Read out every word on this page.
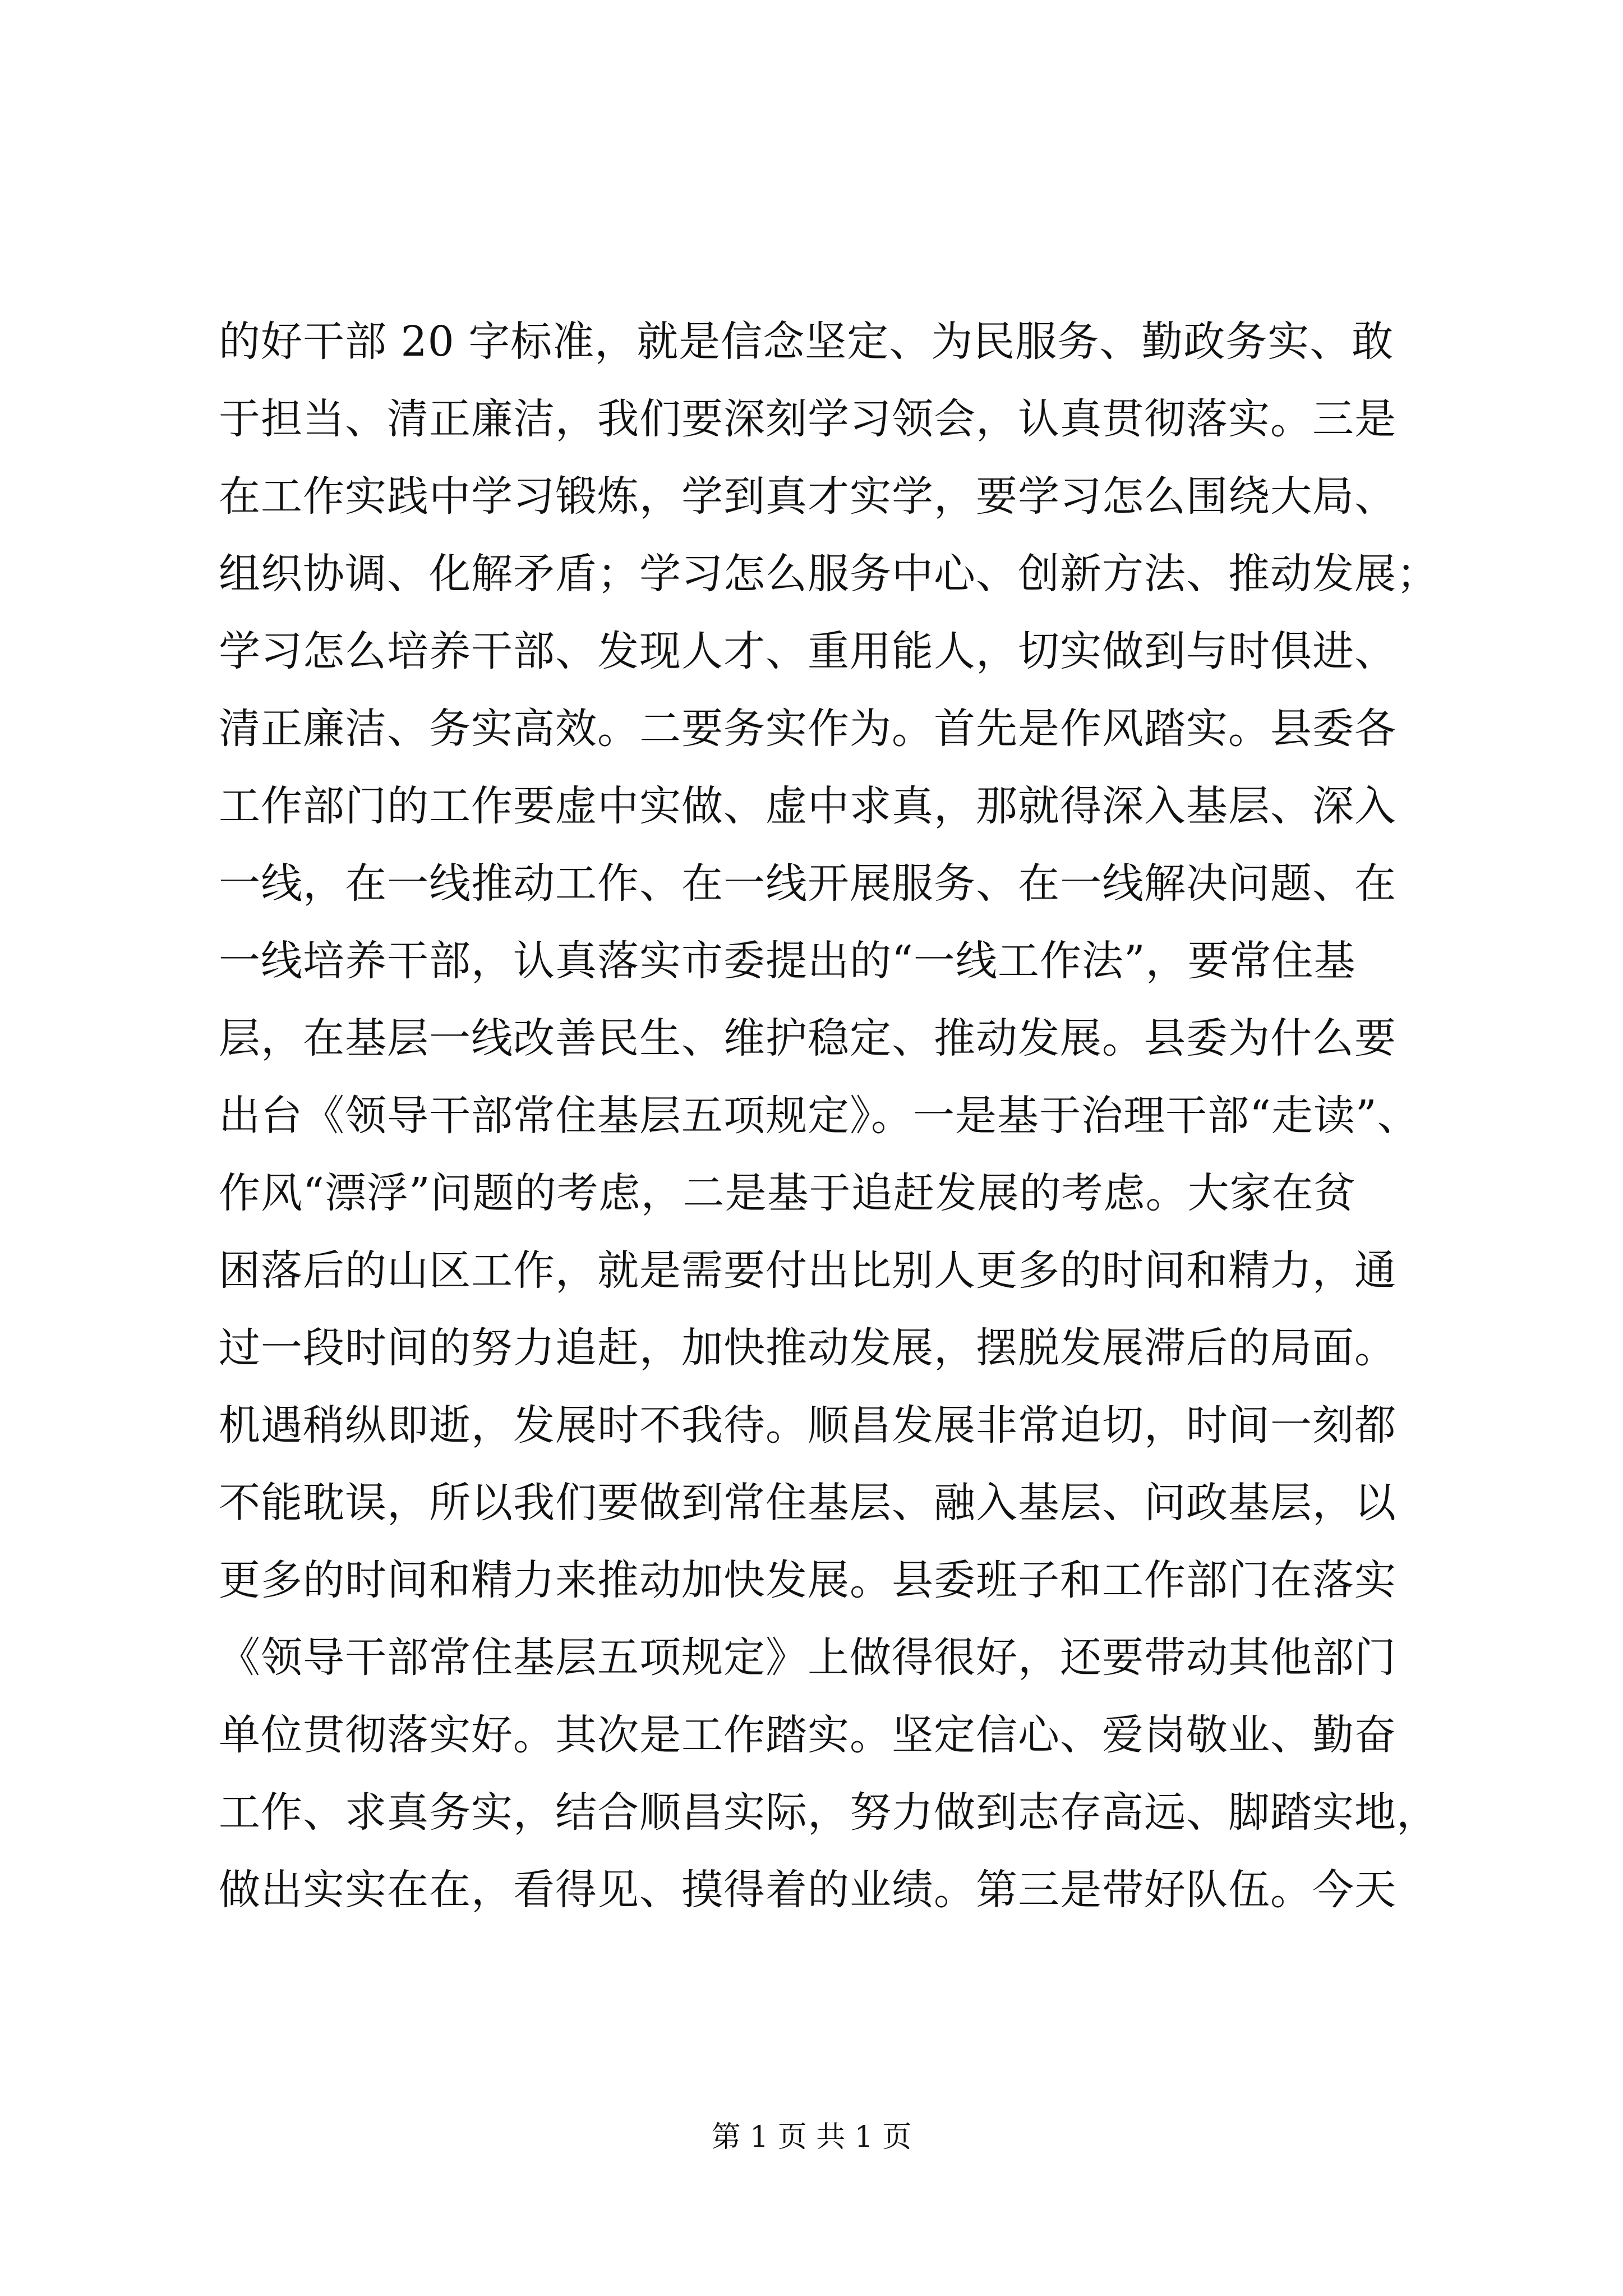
的好干部 20 字标准，就是信念坚定、为民服务、勤政务实、敢
于担当、清正廉洁，我们要深刻学习领会，认真贯彻落实。三是
在工作实践中学习锻炼，学到真才实学，要学习怎么围绕大局、
组织协调、化解矛盾；学习怎么服务中心、创新方法、推动发展；
学习怎么培养干部、发现人才、重用能人，切实做到与时俱进、
清正廉洁、务实高效。二要务实作为。首先是作风踏实。县委各
工作部门的工作要虚中实做、虚中求真，那就得深入基层、深入
一线，在一线推动工作、在一线开展服务、在一线解决问题、在
一线培养干部，认真落实市委提出的“一线工作法”，要常住基
层，在基层一线改善民生、维护稳定、推动发展。县委为什么要
出台《领导干部常住基层五项规定》。一是基于治理干部“走读”、
作风“漂浮”问题的考虑，二是基于追赶发展的考虑。大家在贫
困落后的山区工作，就是需要付出比别人更多的时间和精力，通
过一段时间的努力追赶，加快推动发展，摆脱发展滞后的局面。
机遇稍纵即逝，发展时不我待。顺昌发展非常迫切，时间一刻都
不能耽误，所以我们要做到常住基层、融入基层、问政基层，以
更多的时间和精力来推动加快发展。县委班子和工作部门在落实
《领导干部常住基层五项规定》上做得很好，还要带动其他部门
单位贯彻落实好。其次是工作踏实。坚定信心、爱岗敬业、勤奋
工作、求真务实，结合顺昌实际，努力做到志存高远、脚踏实地，
做出实实在在，看得见、摸得着的业绩。第三是带好队伍。今天
第 1 页 共 1 页
